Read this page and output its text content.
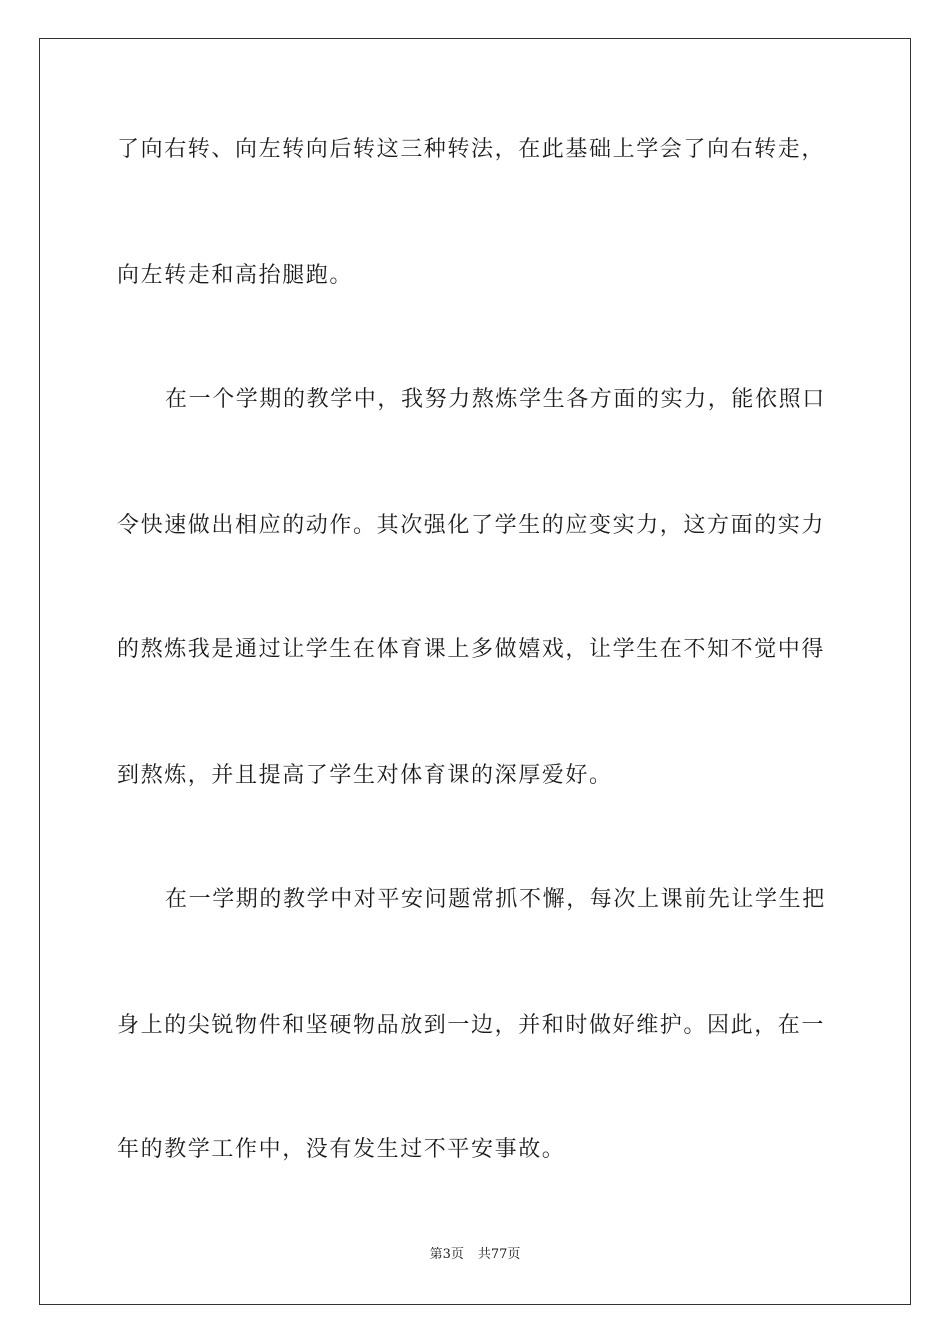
了向右转、向左转向后转这三种转法，在此基础上学会了向右转走，
向左转走和高抬腿跑。
在一个学期的教学中，我努力熬炼学生各方面的实力，能依照口
令快速做出相应的动作。其次强化了学生的应变实力，这方面的实力
的熬炼我是通过让学生在体育课上多做嬉戏，让学生在不知不觉中得
到熬炼，并且提高了学生对体育课的深厚爱好。
在一学期的教学中对平安问题常抓不懈，每次上课前先让学生把
身上的尖锐物件和坚硬物品放到一边，并和时做好维护。因此，在一
年的教学工作中，没有发生过不平安事故。
第3页 共77页
